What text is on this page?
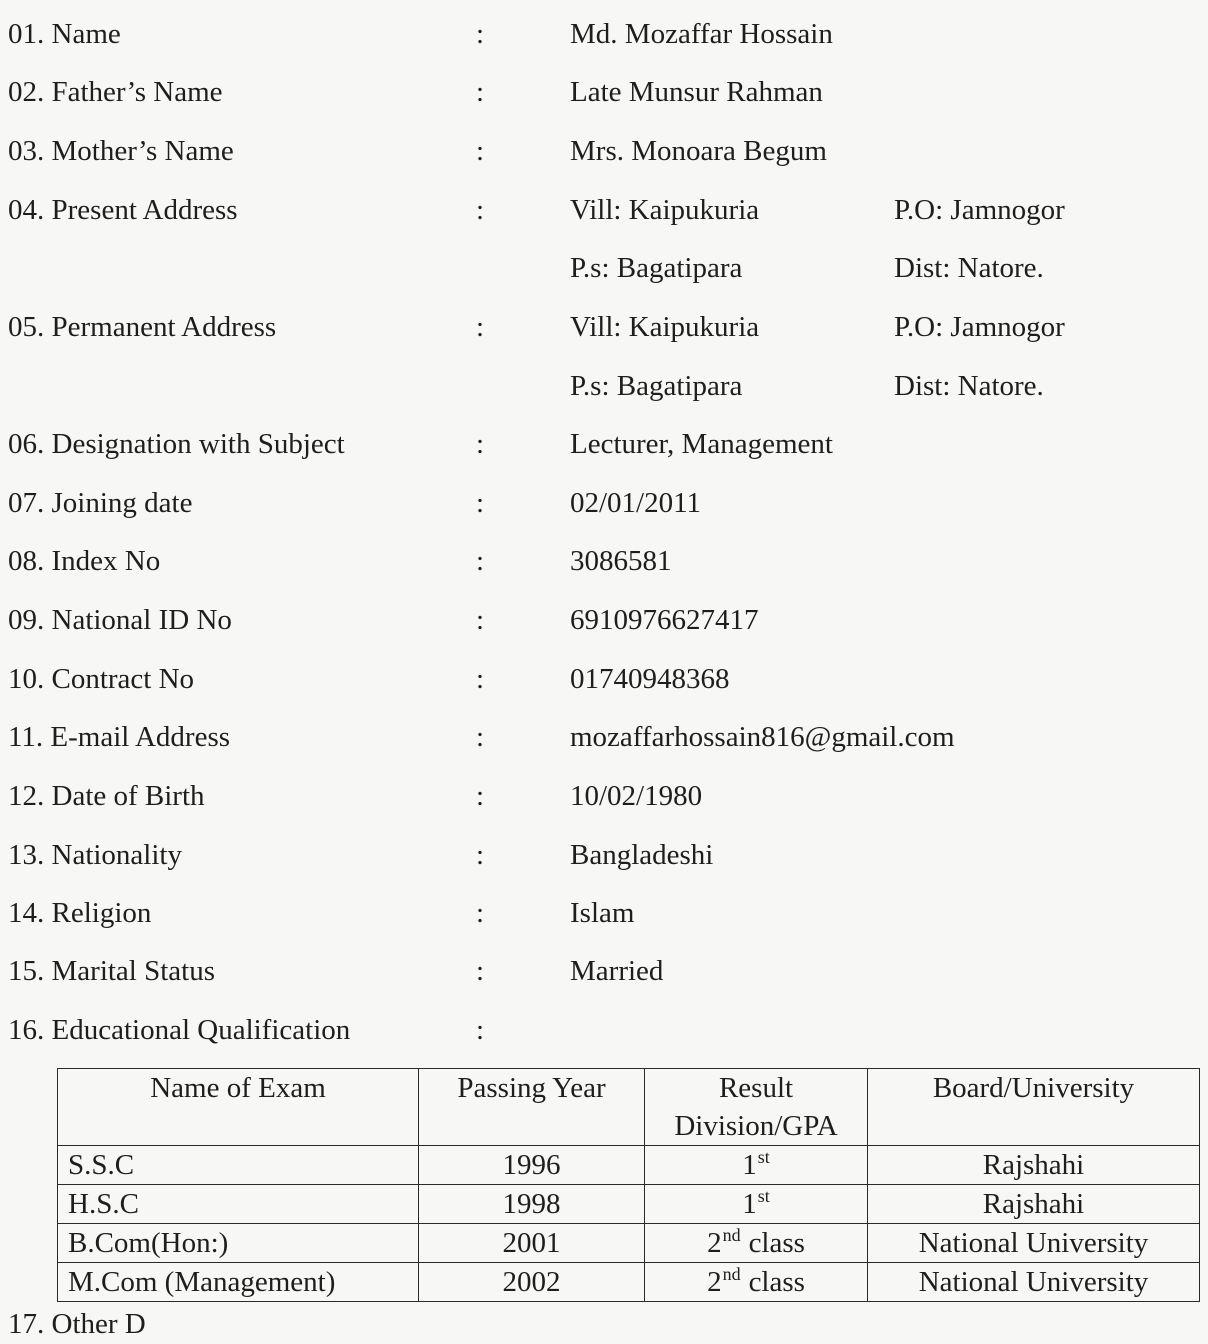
01. Name	:	Md. Mozaffar Hossain
02. Father’s Name	:	Late Munsur Rahman
03. Mother’s Name	:	Mrs. Monoara Begum
04. Present Address	:	Vill: Kaipukuria	P.O: Jamnogor
P.s: Bagatipara	Dist: Natore.
05. Permanent Address	:	Vill: Kaipukuria	P.O: Jamnogor
P.s: Bagatipara	Dist: Natore.
06. Designation with Subject	:	Lecturer, Management
07. Joining date	:	02/01/2011
08. Index No	:	3086581
09. National ID No	:	6910976627417
10. Contract No	:	01740948368
11. E-mail Address	:	mozaffarhossain816@gmail.com
12. Date of Birth	:	10/02/1980
13. Nationality	:	Bangladeshi
14. Religion	:	Islam
15. Marital Status	:	Married
16. Educational Qualification	:
Name of Exam	Passing Year	Result Division/GPA	Board/University
S.S.C	1996	1st	Rajshahi
H.S.C	1998	1st	Rajshahi
B.Com(Hon:)	2001	2nd class	National University
M.Com (Management)	2002	2nd class	National University
17. Other D
